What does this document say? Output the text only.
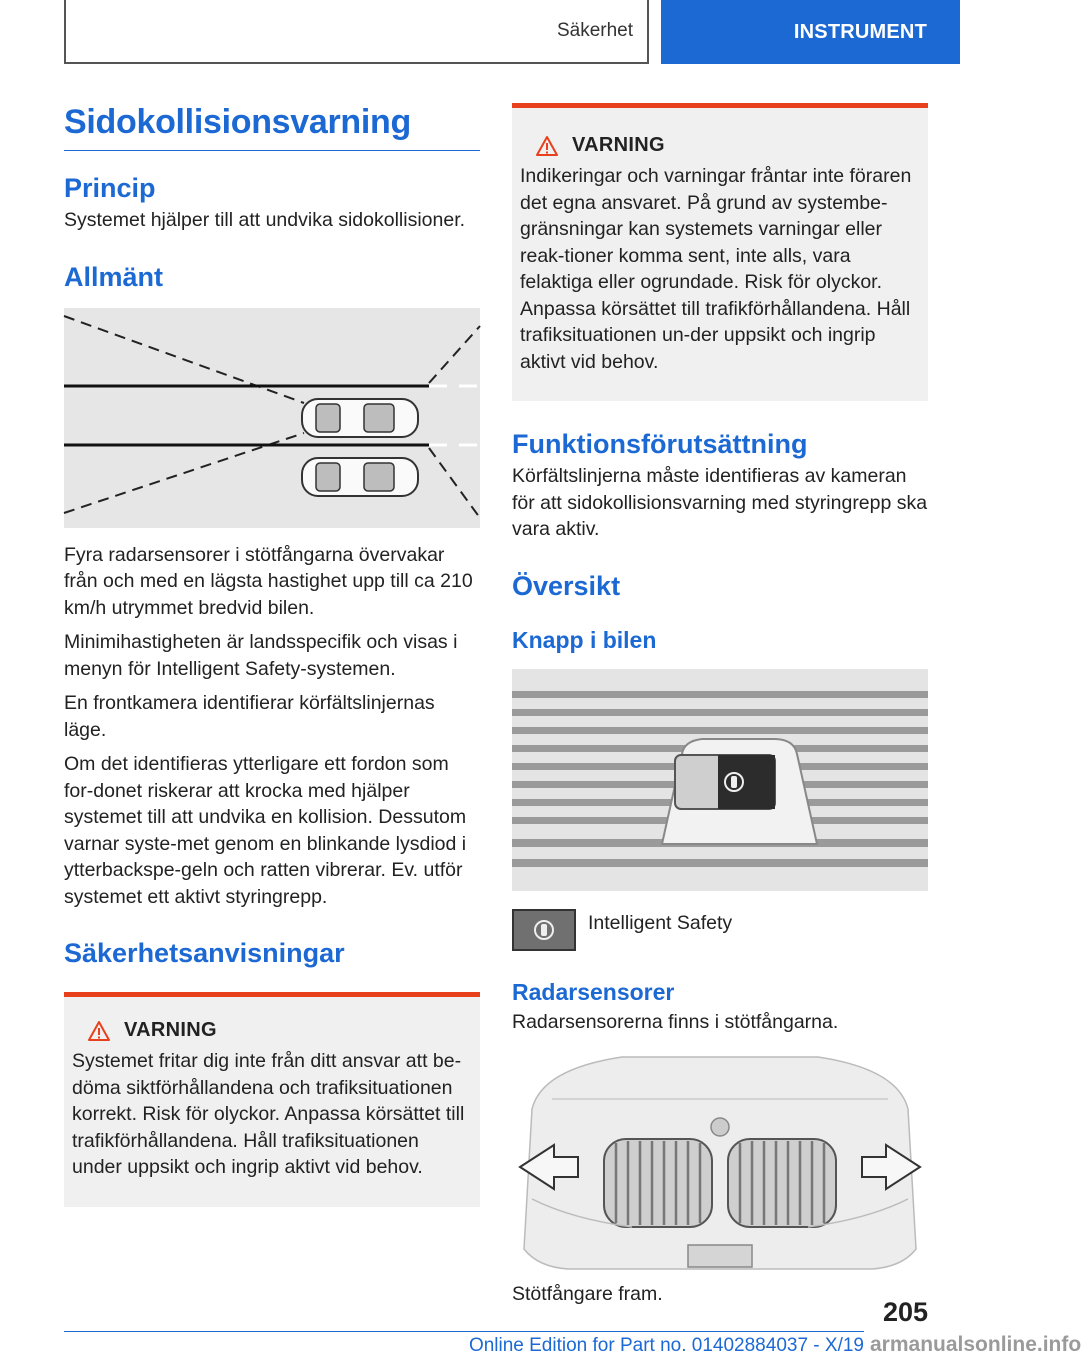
Säkerhet	INSTRUMENT
Sidokollisionsvarning
Princip

Systemet hjälper till att undvika sidokollisioner.

Allmänt

Fyra radarsensorer i stötfångarna övervakar från och med en lägsta hastighet upp till ca 210 km/h utrymmet bredvid bilen.

Minimihastigheten är landsspecifik och visas i menyn för Intelligent Safety-systemen.

En frontkamera identifierar körfältslinjernas läge.

Om det identifieras ytterligare ett fordon som for-donet riskerar att krocka med hjälper systemet till att undvika en kollision. Dessutom varnar syste-met genom en blinkande lysdiod i ytterbackspe-geln och ratten vibrerar. Ev. utför systemet ett aktivt styringrepp.

Säkerhetsanvisningar
VARNING

Systemet fritar dig inte från ditt ansvar att be-döma siktförhållandena och trafiksituationen korrekt. Risk för olyckor. Anpassa körsättet till trafikförhållandena. Håll trafiksituationen under uppsikt och ingrip aktivt vid behov.

VARNING

Indikeringar och varningar fråntar inte föraren det egna ansvaret. På grund av systembe-gränsningar kan systemets varningar eller reak-tioner komma sent, inte alls, vara felaktiga eller ogrundade. Risk för olyckor. Anpassa körsättet till trafikförhållandena. Håll trafiksituationen un-der uppsikt och ingrip aktivt vid behov.

Funktionsförutsättning

Körfältslinjerna måste identifieras av kameran för att sidokollisionsvarning med styringrepp ska vara aktiv.

Översikt
Knapp i bilen

Intelligent Safety

Radarsensorer

Radarsensorerna finns i stötfångarna.

Stötfångare fram.

205
Online Edition for Part no. 01402884037 - X/19 armanualsonline.info
